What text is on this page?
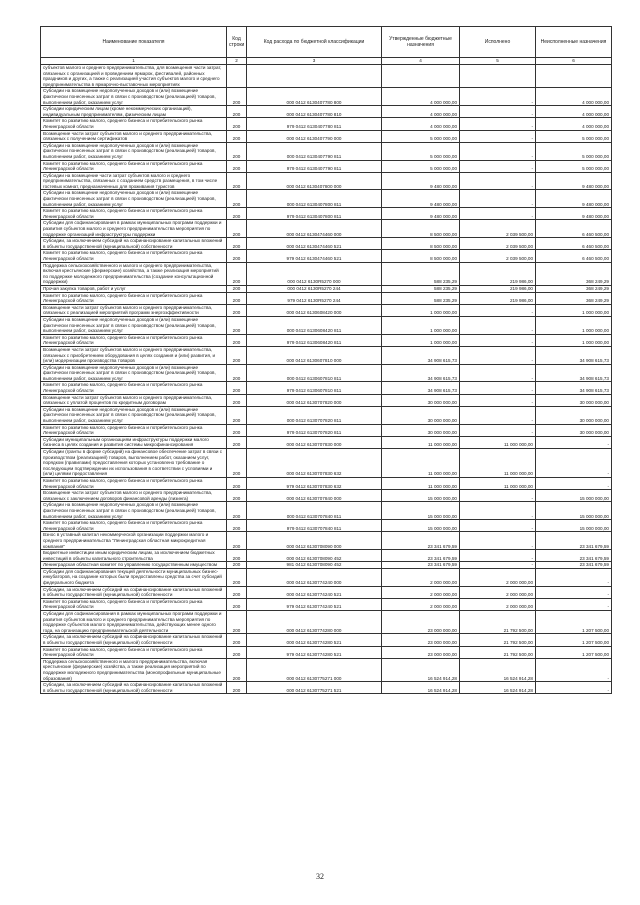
Наименование показателя	Код строки	Код расхода по бюджетной классификации	Утвержденные бюджетные назначения	Исполнено	Неисполненные назначения
1	2	3	4	5	6
субъектов малого и среднего предпринимательства, для возмещения части затрат, связанных с организацией и проведением ярмарок, фестивалей, районных праздников и других, а также с реализацией участия субъектов малого и среднего предпринимательства в ярмарочно-выставочных мероприятиях					
Субсидии на возмещение недополученных доходов и (или) возмещение фактически понесенных затрат в связи с производством (реализацией) товаров, выполнением работ, оказанием услуг	200	000 0412 6130407780 800	4 000 000,00	-	4 000 000,00
Субсидии юридическим лицам (кроме некоммерческих организаций), индивидуальным предпринимателям, физическим лицам	200	000 0412 6130407780 810	4 000 000,00	-	4 000 000,00
Комитет по развитию малого, среднего бизнеса и потребительского рынка Ленинградской области	200	979 0412 6130407780 811	4 000 000,00	-	4 000 000,00
Возмещение части затрат субъектов малого и среднего предпринимательства, связанных с получением сертификатов	200	000 0412 6130407790 000	5 000 000,00	-	5 000 000,00
Субсидии на возмещение недополученных доходов и (или) возмещение фактически понесенных затрат в связи с производством (реализацией) товаров, выполнением работ, оказанием услуг	200	000 0412 6130407790 811	5 000 000,00	-	5 000 000,00
Комитет по развитию малого, среднего бизнеса и потребительского рынка Ленинградской области	200	979 0412 6130407790 811	5 000 000,00	-	5 000 000,00
Субсидии на возмещение части затрат субъектов малого и среднего предпринимательства, связанных с созданием средств размещения, в том числе гостевых комнат, предназначенных для проживания туристов	200	000 0412 6130407800 000	9 480 000,00	-	9 480 000,00
Субсидии на возмещение недополученных доходов и (или) возмещение фактически понесенных затрат в связи с производством (реализацией) товаров, выполнением работ, оказанием услуг	200	000 0412 6130407800 811	9 480 000,00	-	9 480 000,00
Комитет по развитию малого, среднего бизнеса и потребительского рынка Ленинградской области	200	979 0412 6130407800 811	9 480 000,00	-	9 480 000,00
Субсидии для софинансирования в рамках муниципальных программ поддержки и развития субъектов малого и среднего предпринимательства мероприятия по поддержке организаций инфраструктуры поддержки	200	000 0412 6130474460 000	8 500 000,00	2 039 500,00	6 460 500,00
Субсидии, за исключением субсидий на софинансирование капитальных вложений в объекты государственной (муниципальной) собственности	200	000 0412 6130474460 521	8 500 000,00	2 039 500,00	6 460 500,00
Комитет по развитию малого, среднего бизнеса и потребительского рынка Ленинградской области	200	979 0412 6130474460 521	8 500 000,00	2 039 500,00	6 460 500,00
Поддержка сельскохозяйственного и малого и среднего предпринимательства, включая крестьянские (фермерские) хозяйства, а также реализация мероприятий по поддержке молодежного предпринимательства (создание консультационной поддержки)	200	000 0412 6130R5270 000	588 235,29	219 986,00	368 249,29
Прочая закупка товаров, работ и услуг	200	000 0412 6130R5270 244	588 235,29	219 986,00	368 249,29
Комитет по развитию малого, среднего бизнеса и потребительского рынка Ленинградской области	200	979 0412 6130R5270 244	588 235,29	219 986,00	368 249,29
Возмещение части затрат субъектов малого и среднего предпринимательства, связанных с реализацией мероприятий программ энергоэффективности	200	000 0412 6130608420 000	1 000 000,00	-	1 000 000,00
Субсидии на возмещение недополученных доходов и (или) возмещение фактически понесенных затрат в связи с производством (реализацией) товаров, выполнением работ, оказанием услуг	200	000 0412 6130608420 811	1 000 000,00	-	1 000 000,00
Комитет по развитию малого, среднего бизнеса и потребительского рынка Ленинградской области	200	979 0412 6130608420 811	1 000 000,00	-	1 000 000,00
Возмещение части затрат субъектов малого и среднего предпринимательства, связанных с приобретением оборудования в целях создания и (или) развития, и (или) модернизации производства товаров	200	000 0412 6130607810 000	34 908 615,73	-	34 908 615,73
Субсидии на возмещение недополученных доходов и (или) возмещение фактически понесенных затрат в связи с производством (реализацией) товаров, выполнением работ, оказанием услуг	200	000 0412 6130607810 811	34 908 615,73	-	34 908 615,73
Комитет по развитию малого, среднего бизнеса и потребительского рынка Ленинградской области	200	979 0412 6130607810 811	34 908 615,73	-	34 908 615,73
Возмещение части затрат субъектов малого и среднего предпринимательства, связанных с уплатой процентов по кредитным договорам	200	000 0412 6130707820 000	30 000 000,00	-	30 000 000,00
Субсидии на возмещение недополученных доходов и (или) возмещение фактически понесенных затрат в связи с производством (реализацией) товаров, выполнением работ, оказанием услуг	200	000 0412 6130707820 811	30 000 000,00	-	30 000 000,00
Комитет по развитию малого, среднего бизнеса и потребительского рынка Ленинградской области	200	979 0412 6130707820 811	30 000 000,00	-	30 000 000,00
Субсидии муниципальным организациям инфраструктуры поддержки малого бизнеса в целях создания и развития системы микрофинансирования	200	000 0412 6130707830 000	11 000 000,00	11 000 000,00	-
Субсидии (гранты в форме субсидий) на финансовое обеспечение затрат в связи с производством (реализацией) товаров, выполнением работ, оказанием услуг, порядком (правилами) предоставления которых установлено требование о последующем подтверждении их использования в соответствии с условиями и (или) целями предоставления	200	000 0412 6130707830 632	11 000 000,00	11 000 000,00	-
Комитет по развитию малого, среднего бизнеса и потребительского рынка Ленинградской области	200	979 0412 6130707830 632	11 000 000,00	11 000 000,00	-
Возмещение части затрат субъектов малого и среднего предпринимательства, связанных с заключением договоров финансовой аренды (лизинга)	200	000 0412 6130707840 000	15 000 000,00	-	15 000 000,00
Субсидии на возмещение недополученных доходов и (или) возмещение фактически понесенных затрат в связи с производством (реализацией) товаров, выполнением работ, оказанием услуг	200	000 0412 6130707840 811	15 000 000,00	-	15 000 000,00
Комитет по развитию малого, среднего бизнеса и потребительского рынка Ленинградской области	200	979 0412 6130707840 811	15 000 000,00	-	15 000 000,00
Взнос в уставный капитал некоммерческой организации поддержки малого и среднего предпринимательства "Ленинградская областная микрокредитная компания"	200	000 0412 6130708090 000	23 341 679,59	-	23 341 679,59
Бюджетные инвестиции иным юридическим лицам, за исключением бюджетных инвестиций в объекты капитального строительства	200	000 0412 6130708090 452	23 341 679,59	-	23 341 679,59
Ленинградская областная комитет по управлению государственным имуществом	200	981 0412 6130708090 452	23 341 679,59	-	23 341 679,59
Субсидии для софинансирования текущей деятельности муниципальных бизнес-инкубаторов, на создание которых были предоставлены средства за счет субсидий федерального бюджета	200	000 0412 6130774240 000	2 000 000,00	2 000 000,00	-
Субсидии, за исключением субсидий на софинансирование капитальных вложений в объекты государственной (муниципальной) собственности	200	000 0412 6130774240 521	2 000 000,00	2 000 000,00	-
Комитет по развитию малого, среднего бизнеса и потребительского рынка Ленинградской области	200	979 0412 6130774240 521	2 000 000,00	2 000 000,00	-
Субсидии для софинансирования в рамках муниципальных программ поддержки и развития субъектов малого и среднего предпринимательства мероприятия по поддержке субъектов малого предпринимательства, действующих менее одного года, на организацию предпринимательской деятельности	200	000 0412 6130774280 000	23 000 000,00	21 792 500,00	1 207 500,00
Субсидии, за исключением субсидий на софинансирование капитальных вложений в объекты государственной (муниципальной) собственности	200	000 0412 6130774280 521	23 000 000,00	21 792 500,00	1 207 500,00
Комитет по развитию малого, среднего бизнеса и потребительского рынка Ленинградской области	200	979 0412 6130774280 521	23 000 000,00	21 792 500,00	1 207 500,00
Поддержка сельскохозяйственного и малого предпринимательства, включая крестьянские (фермерские) хозяйства, а также реализация мероприятий по поддержке молодежного предпринимательства (монопрофильные муниципальные образования)	200	000 0412 6130775271 000	16 524 914,28	16 524 914,28	-
Субсидии, за исключением субсидий на софинансирование капитальных вложений в объекты государственной (муниципальной) собственности	200	000 0412 6130775271 521	16 524 914,28	16 524 914,28	-
32
